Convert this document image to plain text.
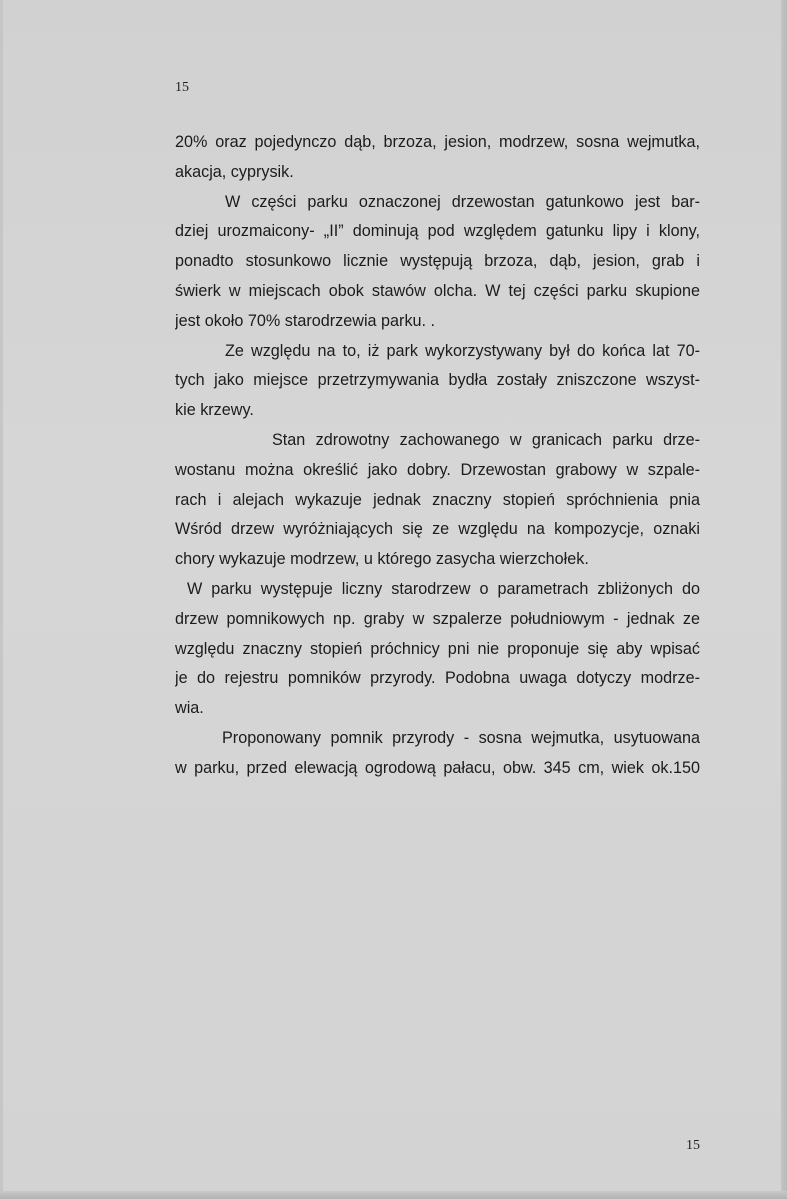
15
20% oraz pojedynczo dąb, brzoza, jesion, modrzew, sosna wejmutka,
akacja, cyprysik.
W części parku oznaczonej drzewostan gatunkowo jest bar-
dziej urozmaicony- „II” dominują pod względem gatunku lipy i klony,
ponadto stosunkowo licznie występują brzoza, dąb, jesion, grab i
świerk w miejscach obok stawów olcha. W tej części parku skupione
jest około 70% starodrzewia parku. .
Ze względu na to, iż park wykorzystywany był do końca lat 70-
tych jako miejsce przetrzymywania bydła zostały zniszczone wszyst-
kie krzewy.
Stan zdrowotny zachowanego w granicach parku drze-
wostanu można określić jako dobry. Drzewostan grabowy w szpale-
rach i alejach wykazuje jednak znaczny stopień spróchnienia pnia
Wśród drzew wyróżniających się ze względu na kompozycje, oznaki
chory wykazuje modrzew, u którego zasycha wierzchołek.
W parku występuje liczny starodrzew o parametrach zbliżonych do
drzew pomnikowych np. graby w szpalerze południowym - jednak ze
względu znaczny stopień próchnicy pni nie proponuje się aby wpisać
je do rejestru pomników przyrody. Podobna uwaga dotyczy modrze-
wia.
Proponowany pomnik przyrody - sosna wejmutka, usytuowana
w parku, przed elewacją ogrodową pałacu, obw. 345 cm, wiek ok.150
15
